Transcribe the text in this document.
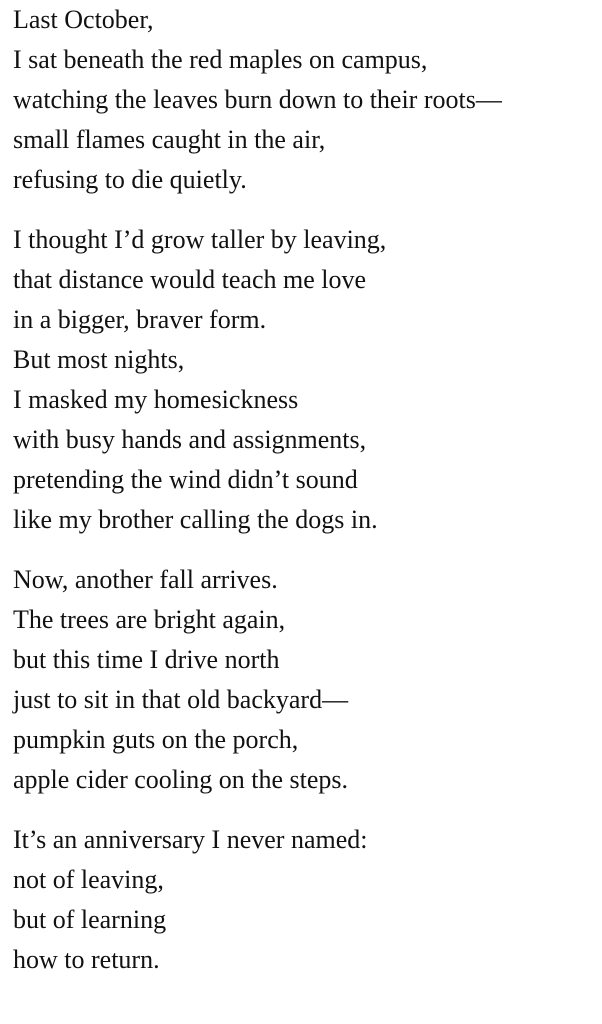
Last October,
I sat beneath the red maples on campus,
watching the leaves burn down to their roots—
small flames caught in the air,
refusing to die quietly.
I thought I’d grow taller by leaving,
that distance would teach me love
in a bigger, braver form.
But most nights,
I masked my homesickness
with busy hands and assignments,
pretending the wind didn’t sound
like my brother calling the dogs in.
Now, another fall arrives.
The trees are bright again,
but this time I drive north
just to sit in that old backyard—
pumpkin guts on the porch,
apple cider cooling on the steps.
It’s an anniversary I never named:
not of leaving,
but of learning
how to return.
